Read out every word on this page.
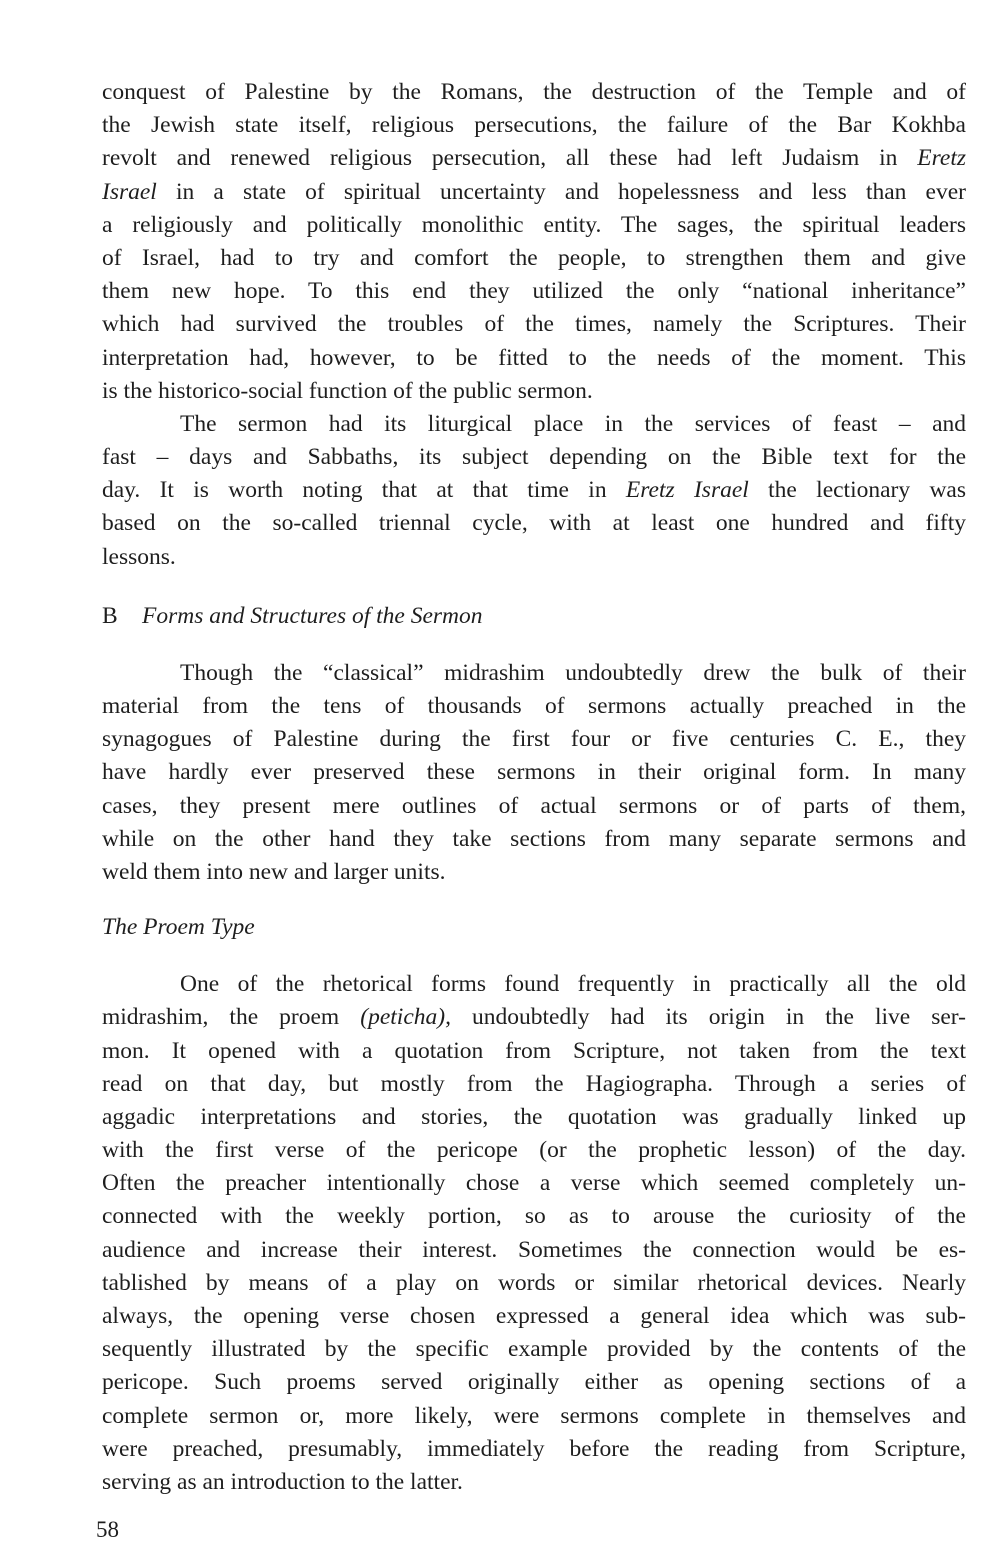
conquest of Palestine by the Romans, the destruction of the Temple and of
the Jewish state itself, religious persecutions, the failure of the Bar Kokhba
revolt and renewed religious persecution, all these had left Judaism in Eretz
Israel in a state of spiritual uncertainty and hopelessness and less than ever
a religiously and politically monolithic entity. The sages, the spiritual leaders
of Israel, had to try and comfort the people, to strengthen them and give
them new hope. To this end they utilized the only “national inheritance”
which had survived the troubles of the times, namely the Scriptures. Their
interpretation had, however, to be fitted to the needs of the moment. This
is the historico-social function of the public sermon.
The sermon had its liturgical place in the services of feast – and
fast – days and Sabbaths, its subject depending on the Bible text for the
day. It is worth noting that at that time in Eretz Israel the lectionary was
based on the so-called triennal cycle, with at least one hundred and fifty
lessons.
B Forms and Structures of the Sermon
Though the “classical” midrashim undoubtedly drew the bulk of their
material from the tens of thousands of sermons actually preached in the
synagogues of Palestine during the first four or five centuries C. E., they
have hardly ever preserved these sermons in their original form. In many
cases, they present mere outlines of actual sermons or of parts of them,
while on the other hand they take sections from many separate sermons and
weld them into new and larger units.
The Proem Type
One of the rhetorical forms found frequently in practically all the old
midrashim, the proem (peticha), undoubtedly had its origin in the live ser-
mon. It opened with a quotation from Scripture, not taken from the text
read on that day, but mostly from the Hagiographa. Through a series of
aggadic interpretations and stories, the quotation was gradually linked up
with the first verse of the pericope (or the prophetic lesson) of the day.
Often the preacher intentionally chose a verse which seemed completely un-
connected with the weekly portion, so as to arouse the curiosity of the
audience and increase their interest. Sometimes the connection would be es-
tablished by means of a play on words or similar rhetorical devices. Nearly
always, the opening verse chosen expressed a general idea which was sub-
sequently illustrated by the specific example provided by the contents of the
pericope. Such proems served originally either as opening sections of a
complete sermon or, more likely, were sermons complete in themselves and
were preached, presumably, immediately before the reading from Scripture,
serving as an introduction to the latter.
58
